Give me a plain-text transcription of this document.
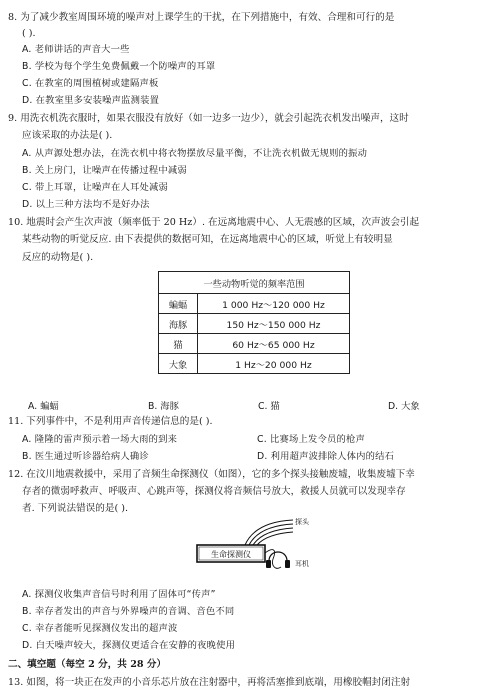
8. 为了减少教室周围环境的噪声对上课学生的干扰，在下列措施中，有效、合理和可行的是
( ).
A. 老师讲话的声音大一些
B. 学校为每个学生免费佩戴一个防噪声的耳罩
C. 在教室的周围植树或建隔声板
D. 在教室里多安装噪声监测装置
9. 用洗衣机洗衣服时，如果衣服没有放好（如一边多一边少），就会引起洗衣机发出噪声，这时
应该采取的办法是( ).
A. 从声源处想办法，在洗衣机中将衣物摆放尽量平衡，不让洗衣机做无规则的振动
B. 关上房门，让噪声在传播过程中减弱
C. 带上耳罩，让噪声在人耳处减弱
D. 以上三种方法均不是好办法
10. 地震时会产生次声波（频率低于 20 Hz）. 在远离地震中心、人无震感的区域，次声波会引起
某些动物的听觉反应. 由下表提供的数据可知，在远离地震中心的区域，听觉上有较明显
反应的动物是( ).
一些动物听觉的频率范围	
蝙蝠	1 000 Hz～120 000 Hz
海豚	150 Hz～150 000 Hz
猫	60 Hz～65 000 Hz
大象	1 Hz～20 000 Hz
A. 蝙蝠	B. 海豚	C. 猫	D. 大象
11. 下列事件中，不是利用声音传递信息的是( ).
A. 隆隆的雷声预示着一场大雨的到来	C. 比赛场上发令员的枪声
B. 医生通过听诊器给病人确诊	D. 利用超声波排除人体内的结石
12. 在汶川地震救援中，采用了音频生命探测仪（如图），它的多个探头接触废墟，收集废墟下幸
存者的微弱呼救声、呼吸声、心跳声等，探测仪将音频信号放大，救援人员就可以发现幸存
者. 下列说法错误的是( ).
生命探测仪
耳机
探头
A. 探测仪收集声音信号时利用了固体可“传声”
B. 幸存者发出的声音与外界噪声的音调、音色不同
C. 幸存者能听见探测仪发出的超声波
D. 白天噪声较大，探测仪更适合在安静的夜晚使用
二、填空题（每空 2 分，共 28 分）
13. 如图，将一块正在发声的小音乐芯片放在注射器中，再将活塞推到底端，用橡胶帽封闭注射
